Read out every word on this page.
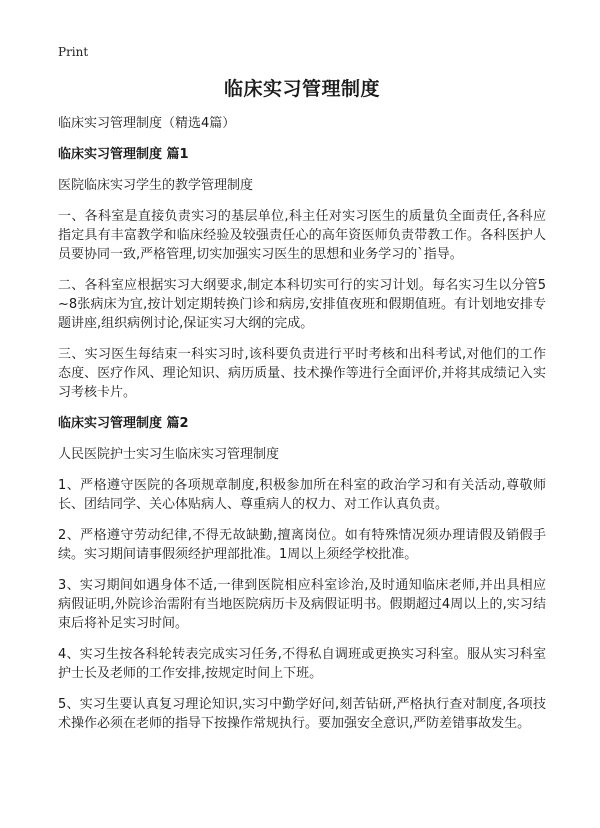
Print
临床实习管理制度

临床实习管理制度（精选4篇）

临床实习管理制度 篇1

医院临床实习学生的教学管理制度

一、各科室是直接负责实习的基层单位,科主任对实习医生的质量负全面责任,各科应指定具有丰富教学和临床经验及较强责任心的高年资医师负责带教工作。各科医护人员要协同一致,严格管理,切实加强实习医生的思想和业务学习的`指导。

二、各科室应根据实习大纲要求,制定本科切实可行的实习计划。每名实习生以分管5~8张病床为宜,按计划定期转换门诊和病房,安排值夜班和假期值班。有计划地安排专题讲座,组织病例讨论,保证实习大纲的完成。

三、实习医生每结束一科实习时,该科要负责进行平时考核和出科考试,对他们的工作态度、医疗作风、理论知识、病历质量、技术操作等进行全面评价,并将其成绩记入实习考核卡片。

临床实习管理制度 篇2

人民医院护士实习生临床实习管理制度

1、严格遵守医院的各项规章制度,积极参加所在科室的政治学习和有关活动,尊敬师长、团结同学、关心体贴病人、尊重病人的权力、对工作认真负责。

2、严格遵守劳动纪律,不得无故缺勤,擅离岗位。如有特殊情况须办理请假及销假手续。实习期间请事假须经护理部批准。1周以上须经学校批准。

3、实习期间如遇身体不适,一律到医院相应科室诊治,及时通知临床老师,并出具相应病假证明,外院诊治需附有当地医院病历卡及病假证明书。假期超过4周以上的,实习结束后将补足实习时间。

4、实习生按各科轮转表完成实习任务,不得私自调班或更换实习科室。服从实习科室护士长及老师的工作安排,按规定时间上下班。

5、实习生要认真复习理论知识,实习中勤学好问,刻苦钻研,严格执行查对制度,各项技术操作必须在老师的指导下按操作常规执行。要加强安全意识,严防差错事故发生。
